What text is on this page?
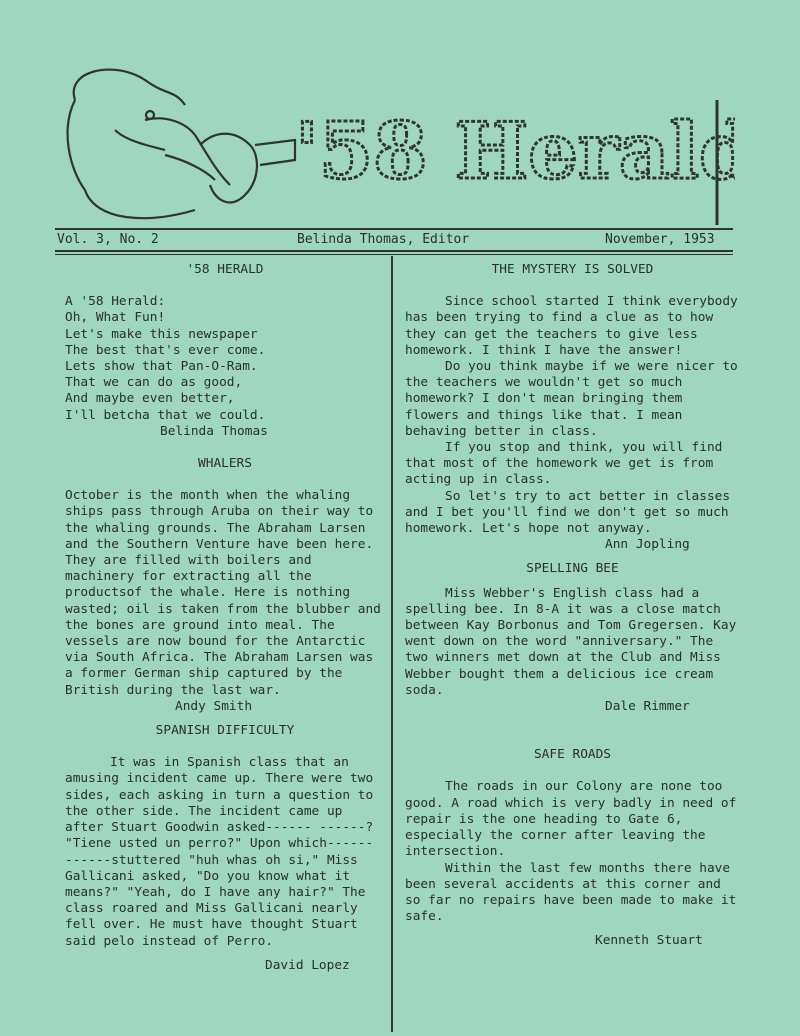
'58 Herald
Vol. 3, No. 2	Belinda Thomas, Editor	November, 1953
'58 HERALD

A '58 Herald:

Oh, What Fun!

Let's make this newspaper

The best that's ever come.

Lets show that Pan-O-Ram.

That we can do as good,

And maybe even better,

I'll betcha that we could.

Belinda Thomas

WHALERS

October is the month when the whaling ships pass through Aruba on their way to the whaling grounds. The Abraham Larsen and the Southern Venture have been here. They are filled with boilers and machinery for extracting all the productsof the whale. Here is nothing wasted; oil is taken from the blubber and the bones are ground into meal. The vessels are now bound for the Antarctic via South Africa. The Abraham Larsen was a former German ship captured by the British during the last war.

Andy Smith

SPANISH DIFFICULTY

It was in Spanish class that an amusing incident came up. There were two sides, each asking in turn a question to the other side. The incident came up after Stuart Goodwin asked------ ------? "Tiene usted un perro?" Upon which------ ------stuttered "huh whas oh si," Miss Gallicani asked, "Do you know what it means?" "Yeah, do I have any hair?" The class roared and Miss Gallicani nearly fell over. He must have thought Stuart said pelo instead of Perro.

David Lopez

THE MYSTERY IS SOLVED

Since school started I think everybody has been trying to find a clue as to how they can get the teachers to give less homework. I think I have the answer!

Do you think maybe if we were nicer to the teachers we wouldn't get so much homework? I don't mean bringing them flowers and things like that. I mean behaving better in class.

If you stop and think, you will find that most of the homework we get is from acting up in class.

So let's try to act better in classes and I bet you'll find we don't get so much homework. Let's hope not anyway.

Ann Jopling

SPELLING BEE

Miss Webber's English class had a spelling bee. In 8-A it was a close match between Kay Borbonus and Tom Gregersen. Kay went down on the word "anniversary." The two winners met down at the Club and Miss Webber bought them a delicious ice cream soda.

Dale Rimmer

SAFE ROADS

The roads in our Colony are none too good. A road which is very badly in need of repair is the one heading to Gate 6, especially the corner after leaving the intersection.

Within the last few months there have been several accidents at this corner and so far no repairs have been made to make it safe.

Kenneth Stuart
